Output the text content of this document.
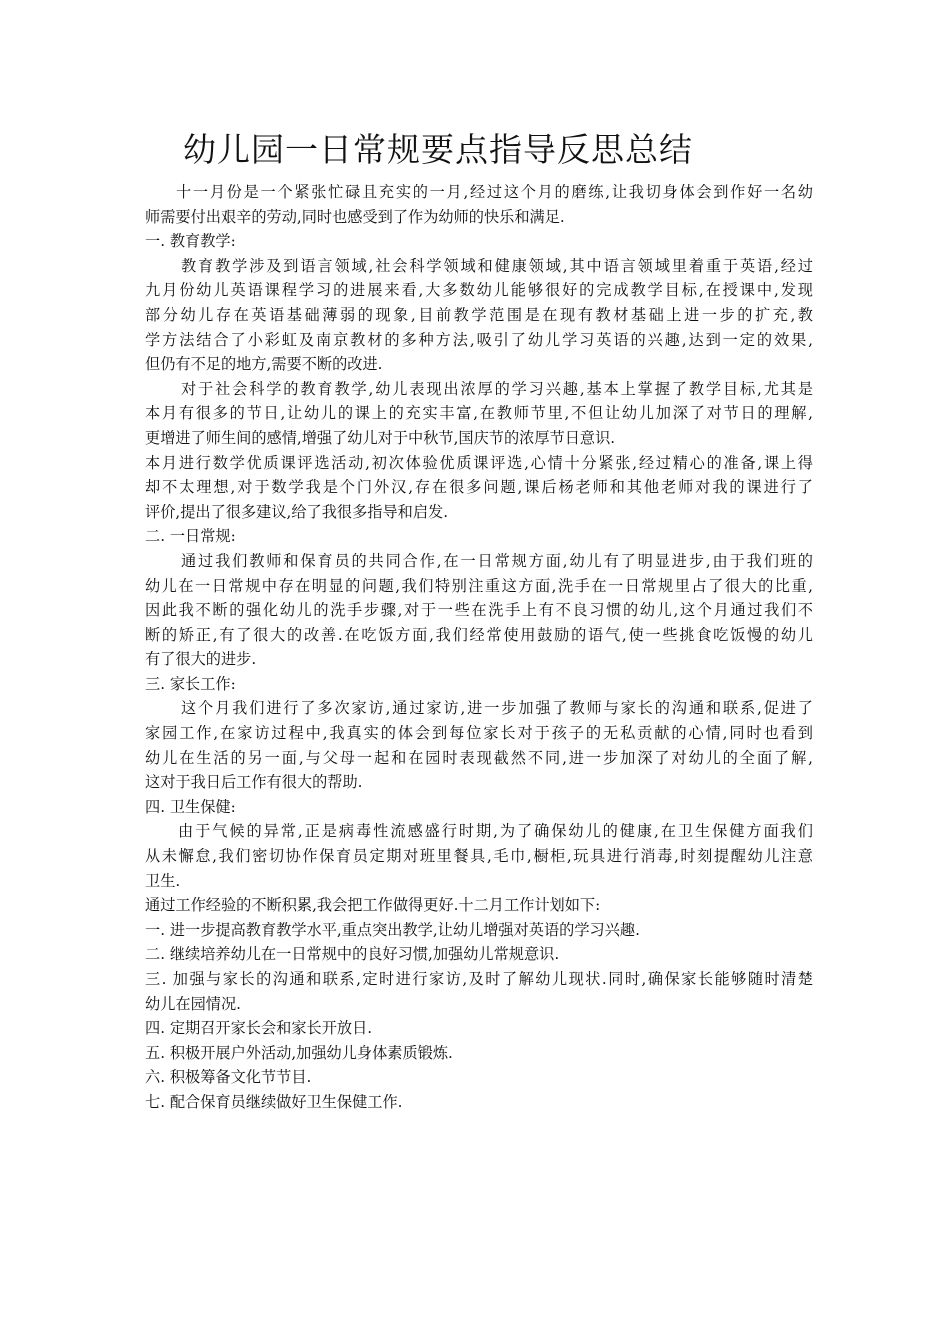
幼儿园一日常规要点指导反思总结

十一月份是一个紧张忙碌且充实的一月,经过这个月的磨练,让我切身体会到作好一名幼

师需要付出艰辛的劳动,同时也感受到了作为幼师的快乐和满足.

一. 教育教学:

教育教学涉及到语言领域,社会科学领域和健康领域,其中语言领域里着重于英语,经过

九月份幼儿英语课程学习的进展来看,大多数幼儿能够很好的完成教学目标,在授课中,发现

部分幼儿存在英语基础薄弱的现象,目前教学范围是在现有教材基础上进一步的扩充,教

学方法结合了小彩虹及南京教材的多种方法,吸引了幼儿学习英语的兴趣,达到一定的效果,

但仍有不足的地方,需要不断的改进.

对于社会科学的教育教学,幼儿表现出浓厚的学习兴趣,基本上掌握了教学目标,尤其是

本月有很多的节日,让幼儿的课上的充实丰富,在教师节里,不但让幼儿加深了对节日的理解,

更增进了师生间的感情,增强了幼儿对于中秋节,国庆节的浓厚节日意识.

本月进行数学优质课评选活动,初次体验优质课评选,心情十分紧张,经过精心的准备,课上得

却不太理想,对于数学我是个门外汉,存在很多问题,课后杨老师和其他老师对我的课进行了

评价,提出了很多建议,给了我很多指导和启发.

二. 一日常规:

通过我们教师和保育员的共同合作,在一日常规方面,幼儿有了明显进步,由于我们班的

幼儿在一日常规中存在明显的问题,我们特别注重这方面,洗手在一日常规里占了很大的比重,

因此我不断的强化幼儿的洗手步骤,对于一些在洗手上有不良习惯的幼儿,这个月通过我们不

断的矫正,有了很大的改善.在吃饭方面,我们经常使用鼓励的语气,使一些挑食吃饭慢的幼儿

有了很大的进步.

三. 家长工作:

这个月我们进行了多次家访,通过家访,进一步加强了教师与家长的沟通和联系,促进了

家园工作,在家访过程中,我真实的体会到每位家长对于孩子的无私贡献的心情,同时也看到

幼儿在生活的另一面,与父母一起和在园时表现截然不同,进一步加深了对幼儿的全面了解,

这对于我日后工作有很大的帮助.

四. 卫生保健:

由于气候的异常,正是病毒性流感盛行时期,为了确保幼儿的健康,在卫生保健方面我们

从未懈怠,我们密切协作保育员定期对班里餐具,毛巾,橱柜,玩具进行消毒,时刻提醒幼儿注意

卫生.

通过工作经验的不断积累,我会把工作做得更好.十二月工作计划如下:

一. 进一步提高教育教学水平,重点突出教学,让幼儿增强对英语的学习兴趣.

二. 继续培养幼儿在一日常规中的良好习惯,加强幼儿常规意识.

三. 加强与家长的沟通和联系,定时进行家访,及时了解幼儿现状.同时,确保家长能够随时清楚

幼儿在园情况.

四. 定期召开家长会和家长开放日.

五. 积极开展户外活动,加强幼儿身体素质锻炼.

六. 积极筹备文化节节目.

七. 配合保育员继续做好卫生保健工作.
